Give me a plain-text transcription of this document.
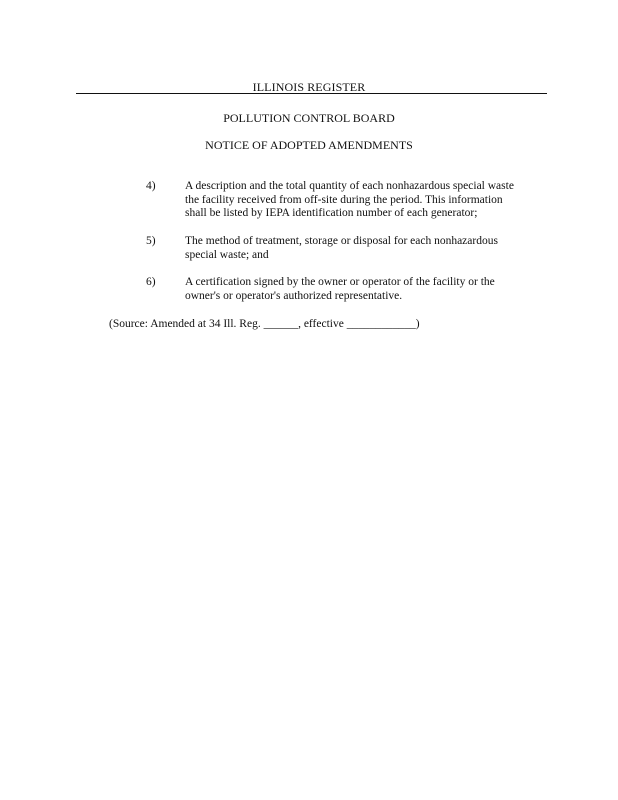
ILLINOIS REGISTER
POLLUTION CONTROL BOARD
NOTICE OF ADOPTED AMENDMENTS
4)	A description and the total quantity of each nonhazardous special waste
the facility received from off-site during the period. This information
shall be listed by IEPA identification number of each generator;
5)	The method of treatment, storage or disposal for each nonhazardous
special waste; and
6)	A certification signed by the owner or operator of the facility or the
owner's or operator's authorized representative.
(Source: Amended at 34 Ill. Reg. ______, effective ____________)
